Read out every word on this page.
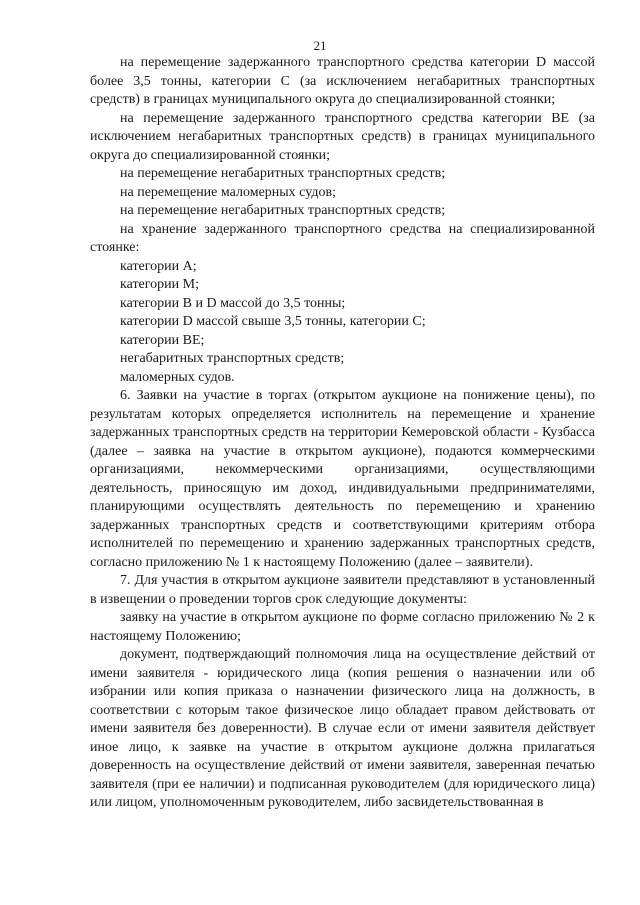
21

на перемещение задержанного транспортного средства категории D массой более 3,5 тонны, категории C (за исключением негабаритных транспортных средств) в границах муниципального округа до специализированной стоянки;

на перемещение задержанного транспортного средства категории BE (за исключением негабаритных транспортных средств) в границах муниципального округа до специализированной стоянки;

на перемещение негабаритных транспортных средств;

на перемещение маломерных судов;

на перемещение негабаритных транспортных средств;

на хранение задержанного транспортного средства на специализированной стоянке:

категории A;

категории M;

категории B и D массой до 3,5 тонны;

категории D массой свыше 3,5 тонны, категории C;

категории BE;

негабаритных транспортных средств;

маломерных судов.

6. Заявки на участие в торгах (открытом аукционе на понижение цены), по результатам которых определяется исполнитель на перемещение и хранение задержанных транспортных средств на территории Кемеровской области - Кузбасса (далее – заявка на участие в открытом аукционе), подаются коммерческими организациями, некоммерческими организациями, осуществляющими деятельность, приносящую им доход, индивидуальными предпринимателями, планирующими осуществлять деятельность по перемещению и хранению задержанных транспортных средств и соответствующими критериям отбора исполнителей по перемещению и хранению задержанных транспортных средств, согласно приложению № 1 к настоящему Положению (далее – заявители).

7. Для участия в открытом аукционе заявители представляют в установленный в извещении о проведении торгов срок следующие документы:

заявку на участие в открытом аукционе по форме согласно приложению № 2 к настоящему Положению;

документ, подтверждающий полномочия лица на осуществление действий от имени заявителя - юридического лица (копия решения о назначении или об избрании или копия приказа о назначении физического лица на должность, в соответствии с которым такое физическое лицо обладает правом действовать от имени заявителя без доверенности). В случае если от имени заявителя действует иное лицо, к заявке на участие в открытом аукционе должна прилагаться доверенность на осуществление действий от имени заявителя, заверенная печатью заявителя (при ее наличии) и подписанная руководителем (для юридического лица) или лицом, уполномоченным руководителем, либо засвидетельствованная в
